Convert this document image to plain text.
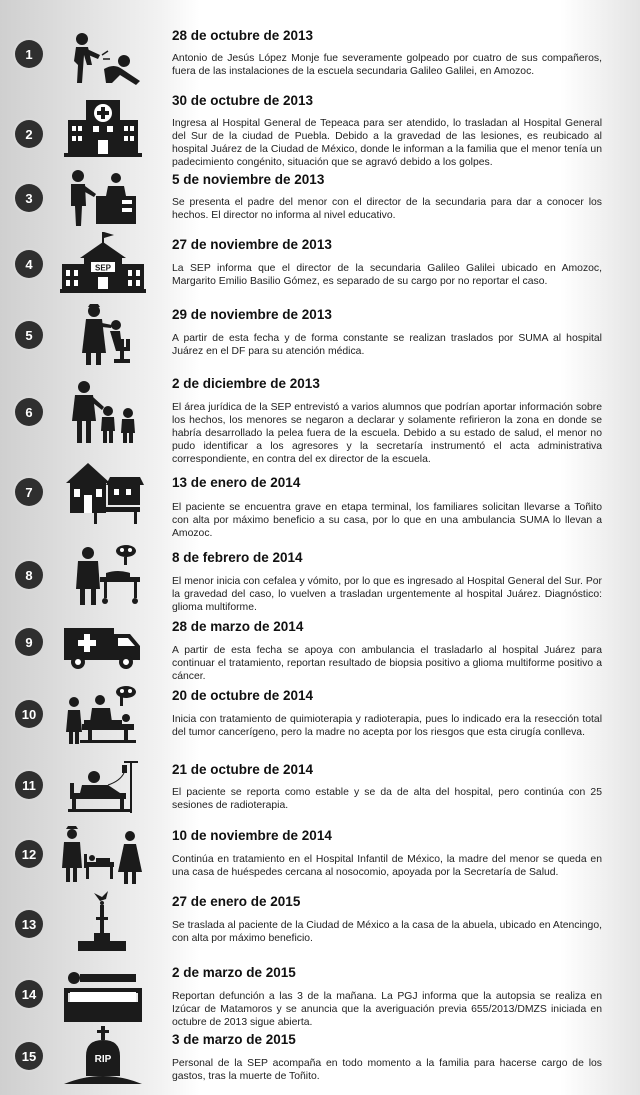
1
28 de octubre de 2013
Antonio de Jesús López Monje fue severamente golpeado por cuatro de sus compañeros, fuera de las instalaciones de la escuela secundaria Galileo Galilei, en Amozoc.
2
30 de octubre de 2013
Ingresa al Hospital General de Tepeaca para ser atendido, lo trasladan al Hospital General del Sur de la ciudad de Puebla. Debido a la gravedad de las lesiones, es reubicado al hospital Juárez de la Ciudad de México, donde le informan a la familia que el menor tenía un padecimiento congénito, situación que se agravó debido a los golpes.
3
5 de noviembre de 2013
Se presenta el padre del menor con el director de la secundaria para dar a conocer los hechos. El director no informa al nivel educativo.
4	SEP
27 de noviembre de 2013
La SEP informa que el director de la secundaria Galileo Galilei ubicado en Amozoc, Margarito Emilio Basilio Gómez, es separado de su cargo por no reportar el caso.
5
29 de noviembre de 2013
A partir de esta fecha y de forma constante se realizan traslados por SUMA al hospital Juárez en el DF para su atención médica.
6
2 de diciembre de 2013
El área jurídica de la SEP entrevistó a varios alumnos que podrían aportar información sobre los hechos, los menores se negaron a declarar y solamente refirieron la zona en donde se habría desarrollado la pelea fuera de la escuela. Debido a su estado de salud, el menor no pudo identificar a los agresores y la secretaría instrumentó el acta administrativa correspondiente, en contra del ex director de la escuela.
7
13 de enero de 2014
El paciente se encuentra grave en etapa terminal, los familiares solicitan llevarse a Toñito con alta por máximo beneficio a su casa, por lo que en una ambulancia SUMA lo llevan a Amozoc.
8
8 de febrero de 2014
El menor inicia con cefalea y vómito, por lo que es ingresado al Hospital General del Sur. Por la gravedad del caso, lo vuelven a trasladan urgentemente al hospital Juárez. Diagnóstico: glioma multiforme.
9
28 de marzo de 2014
A partir de esta fecha se apoya con ambulancia el trasladarlo al hospital Juárez para continuar el tratamiento, reportan resultado de biopsia positivo a glioma multiforme positivo a cáncer.
10
20 de octubre de 2014
Inicia con tratamiento de quimioterapia y radioterapia, pues lo indicado era la resección total del tumor cancerígeno, pero la madre no acepta por los riesgos que esta cirugía conlleva.
11
21 de octubre de 2014
El paciente se reporta como estable y se da de alta del hospital, pero continúa con 25 sesiones de radioterapia.
12
10 de noviembre de 2014
Continúa en tratamiento en el Hospital Infantil de México, la madre del menor se queda en una casa de huéspedes cercana al nosocomio, apoyada por la Secretaría de Salud.
13
27 de enero de 2015
Se traslada al paciente de la Ciudad de México a la casa de la abuela, ubicado en Atencingo, con alta por máximo beneficio.
14
2 de marzo de 2015
Reportan defunción a las 3 de la mañana. La PGJ informa que la autopsia se realiza en Izúcar de Matamoros y se anuncia que la averiguación previa 655/2013/DMZS iniciada en octubre de 2013 sigue abierta.
15	RIP
3 de marzo de 2015
Personal de la SEP acompaña en todo momento a la familia para hacerse cargo de los gastos, tras la muerte de Toñito.
